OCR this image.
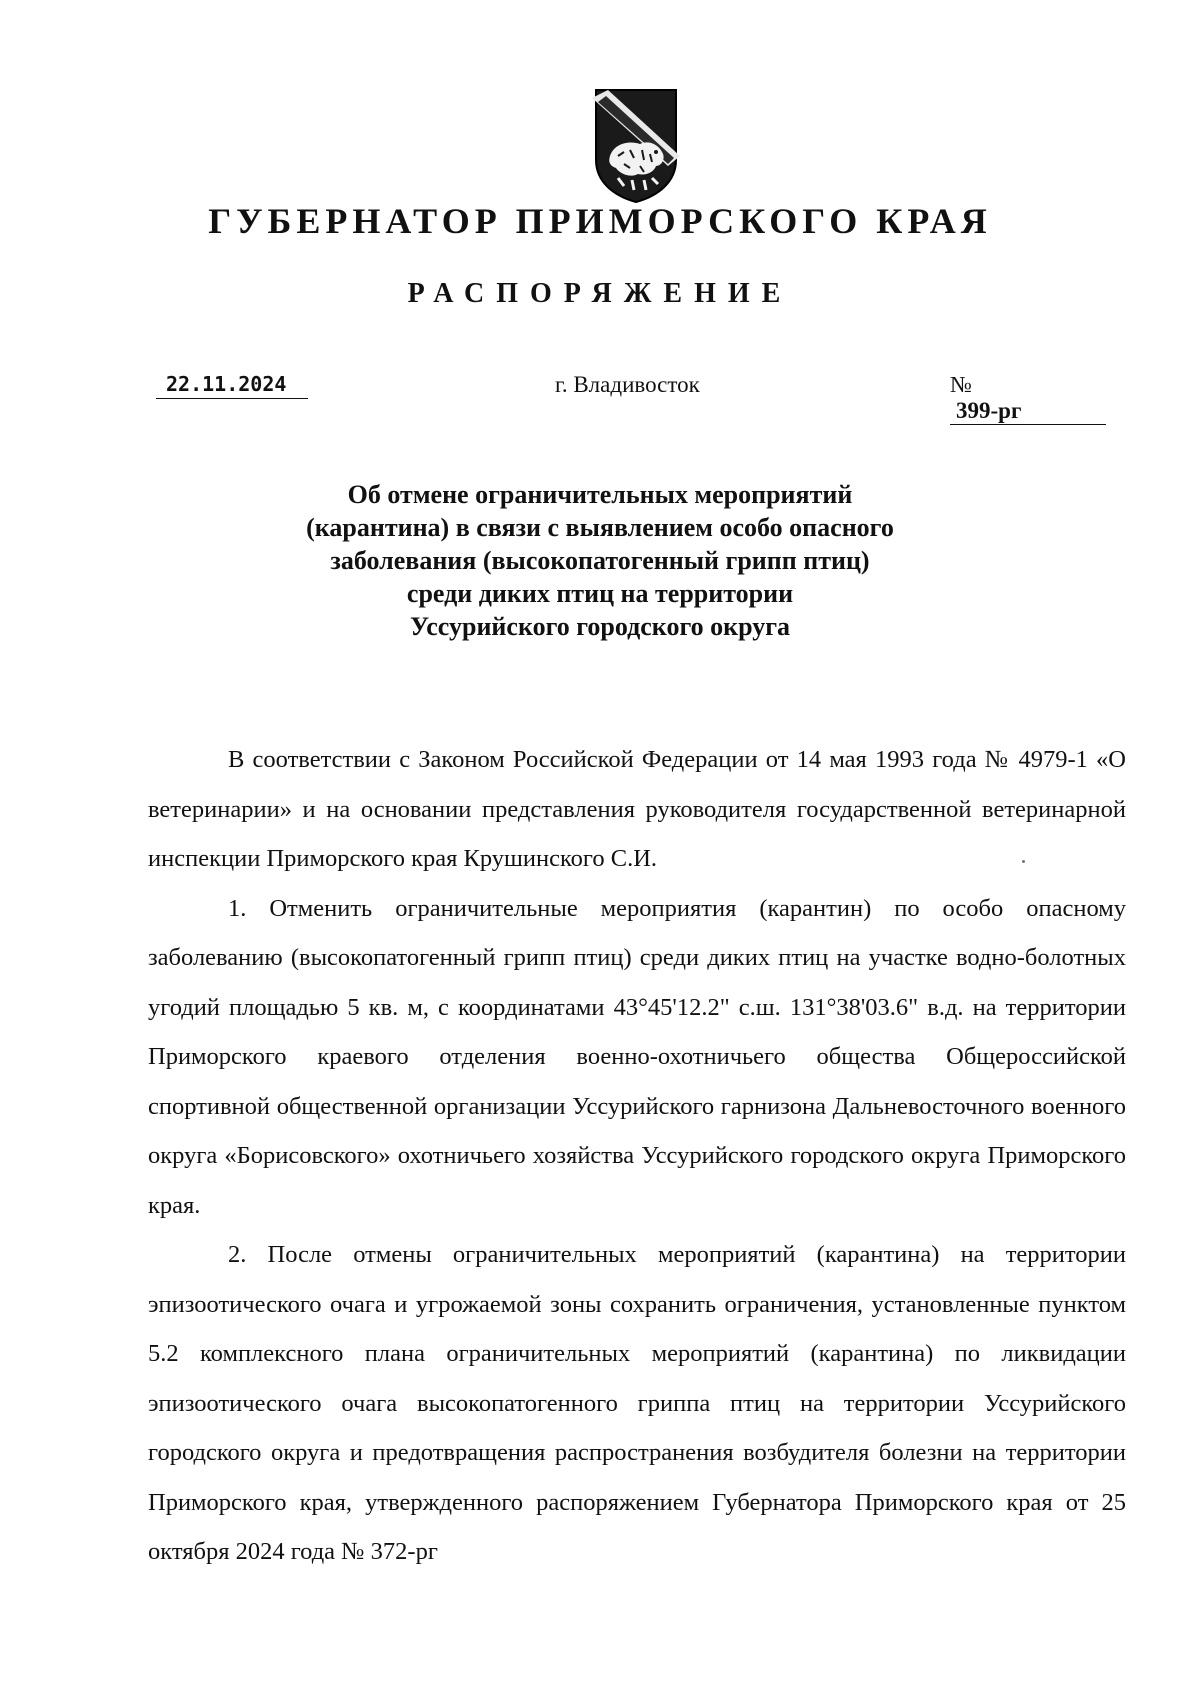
ГУБЕРНАТОР ПРИМОРСКОГО КРАЯ
РАСПОРЯЖЕНИЕ
22.11.2024	г. Владивосток	№399-рг
Об отмене ограничительных мероприятий
(карантина) в связи с выявлением особо опасного
заболевания (высокопатогенный грипп птиц)
среди диких птиц на территории
Уссурийского городского округа

В соответствии с Законом Российской Федерации от 14 мая 1993 года № 4979-1 «О ветеринарии» и на основании представления руководителя государственной ветеринарной инспекции Приморского края Крушинского С.И.

1. Отменить ограничительные мероприятия (карантин) по особо опасному заболеванию (высокопатогенный грипп птиц) среди диких птиц на участке водно-болотных угодий площадью 5 кв. м, с координатами 43°45'12.2" с.ш. 131°38'03.6" в.д. на территории Приморского краевого отделения военно-охотничьего общества Общероссийской спортивной общественной организации Уссурийского гарнизона Дальневосточного военного округа «Борисовского» охотничьего хозяйства Уссурийского городского округа Приморского края.

2. После отмены ограничительных мероприятий (карантина) на территории эпизоотического очага и угрожаемой зоны сохранить ограничения, установленные пунктом 5.2 комплексного плана ограничительных мероприятий (карантина) по ликвидации эпизоотического очага высокопатогенного гриппа птиц на территории Уссурийского городского округа и предотвращения распространения возбудителя болезни на территории Приморского края, утвержденного распоряжением Губернатора Приморского края от 25 октября 2024 года № 372-рг
